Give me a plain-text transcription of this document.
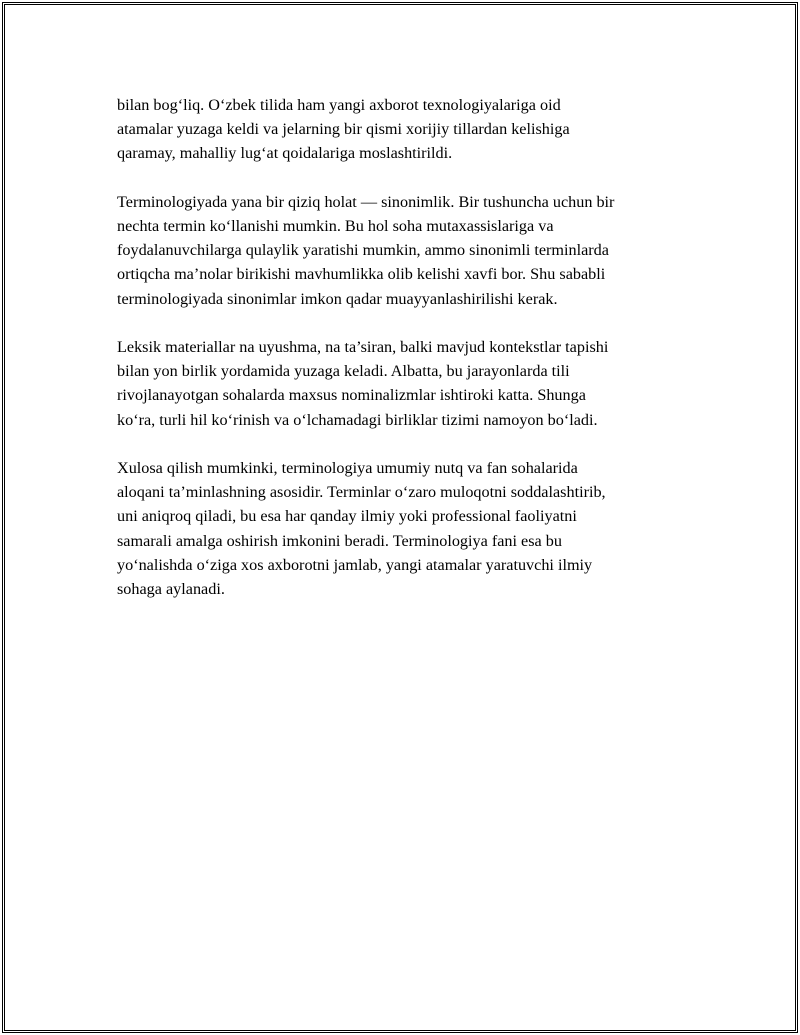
bilan bog‘liq. O‘zbek tilida ham yangi axborot texnologiyalariga oid
atamalar yuzaga keldi va jelarning bir qismi xorijiy tillardan kelishiga
qaramay, mahalliy lug‘at qoidalariga moslashtirildi.

Terminologiyada yana bir qiziq holat — sinonimlik. Bir tushuncha uchun bir
nechta termin ko‘llanishi mumkin. Bu hol soha mutaxassislariga va
foydalanuvchilarga qulaylik yaratishi mumkin, ammo sinonimli terminlarda
ortiqcha ma’nolar birikishi mavhumlikka olib kelishi xavfi bor. Shu sababli
terminologiyada sinonimlar imkon qadar muayyanlashirilishi kerak.

Leksik materiallar na uyushma, na ta’siran, balki mavjud kontekstlar tapishi
bilan yon birlik yordamida yuzaga keladi. Albatta, bu jarayonlarda tili
rivojlanayotgan sohalarda maxsus nominalizmlar ishtiroki katta. Shunga
ko‘ra, turli hil ko‘rinish va o‘lchamadagi birliklar tizimi namoyon bo‘ladi.

Xulosa qilish mumkinki, terminologiya umumiy nutq va fan sohalarida
aloqani ta’minlashning asosidir. Terminlar o‘zaro muloqotni soddalashtirib,
uni aniqroq qiladi, bu esa har qanday ilmiy yoki professional faoliyatni
samarali amalga oshirish imkonini beradi. Terminologiya fani esa bu
yo‘nalishda o‘ziga xos axborotni jamlab, yangi atamalar yaratuvchi ilmiy
sohaga aylanadi.
